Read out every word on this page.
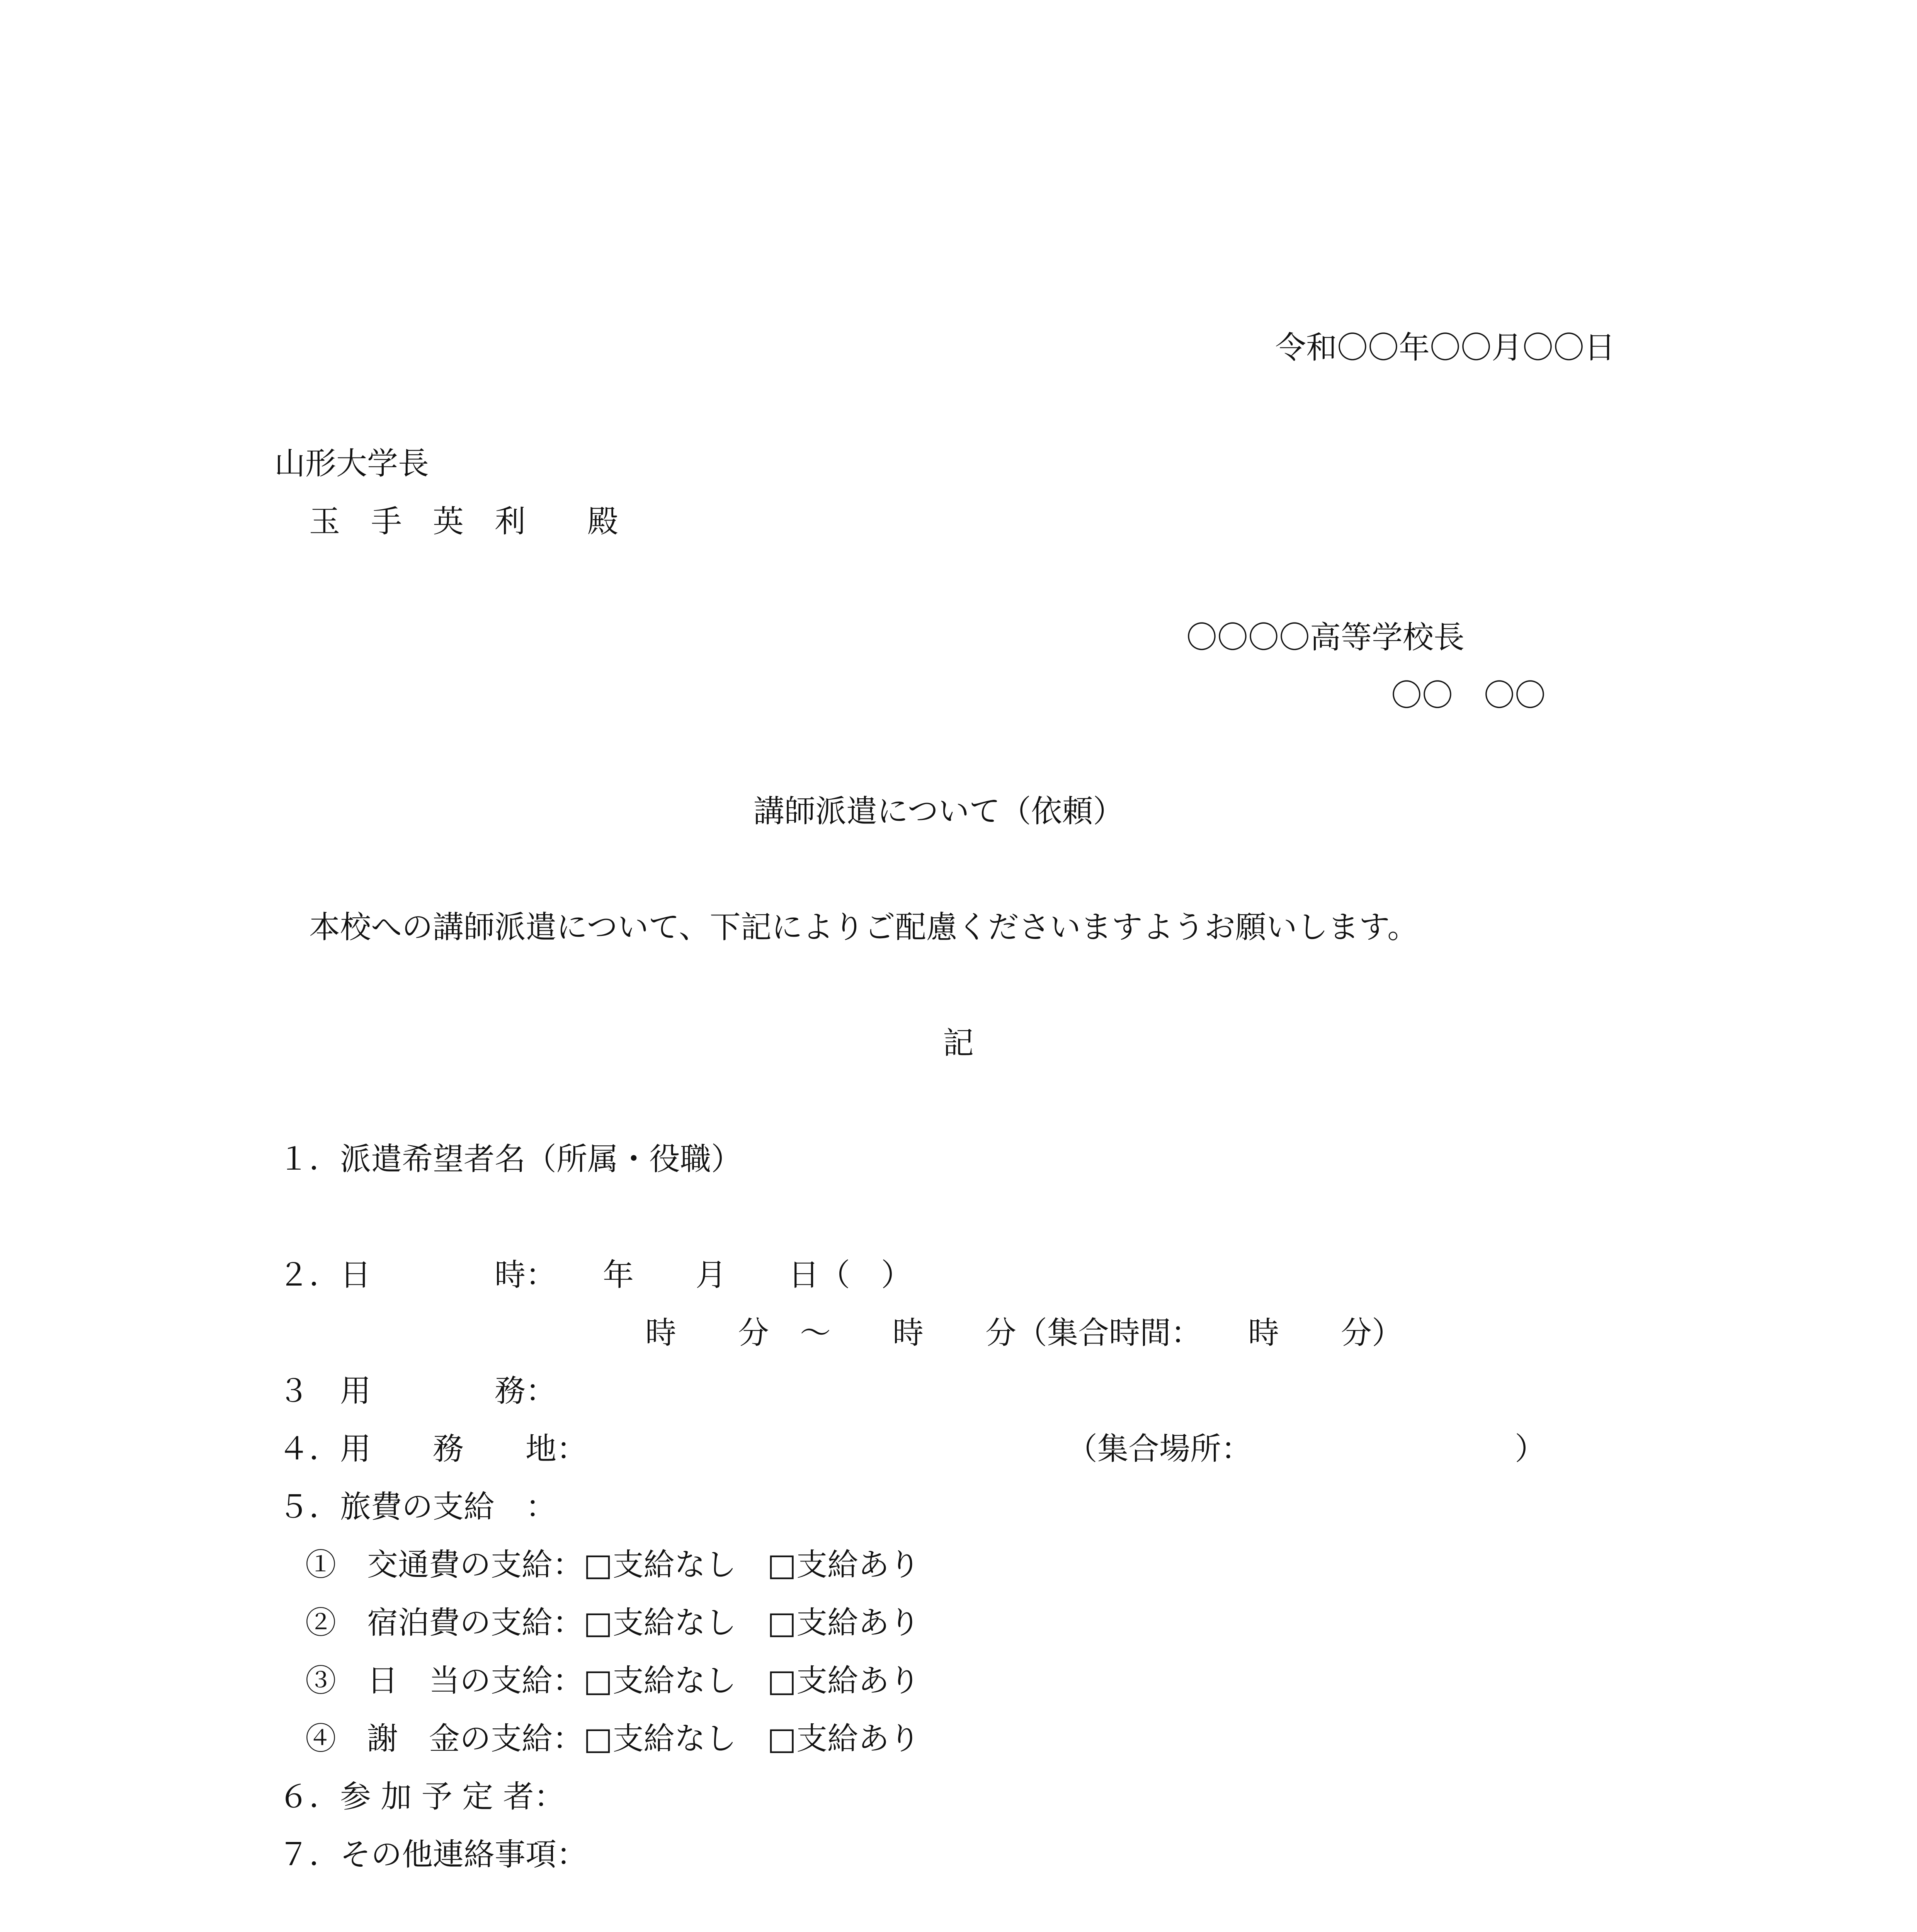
令和〇〇年〇〇月〇〇日
山形大学長
玉　手　英　利　　殿
〇〇〇〇高等学校長
〇〇　〇〇
講師派遣について（依頼）
本校への講師派遣について、下記によりご配慮くださいますようお願いします。
記
１．派遣希望者名（所属・役職）
２．日　　　　時：　　年　　月　　日（　）
時　　分　～　　時　　分（集合時間：　　時　　分）
３　用　　　　務：
４．用　　務　　地：	（集合場所：　　　　　　　　　）
５．旅費の支給　：
①　交通費の支給：□支給なし　□支給あり
②　宿泊費の支給：□支給なし　□支給あり
③　日　当の支給：□支給なし　□支給あり
④　謝　金の支給：□支給なし　□支給あり
６．参 加 予 定 者：
７．その他連絡事項：
